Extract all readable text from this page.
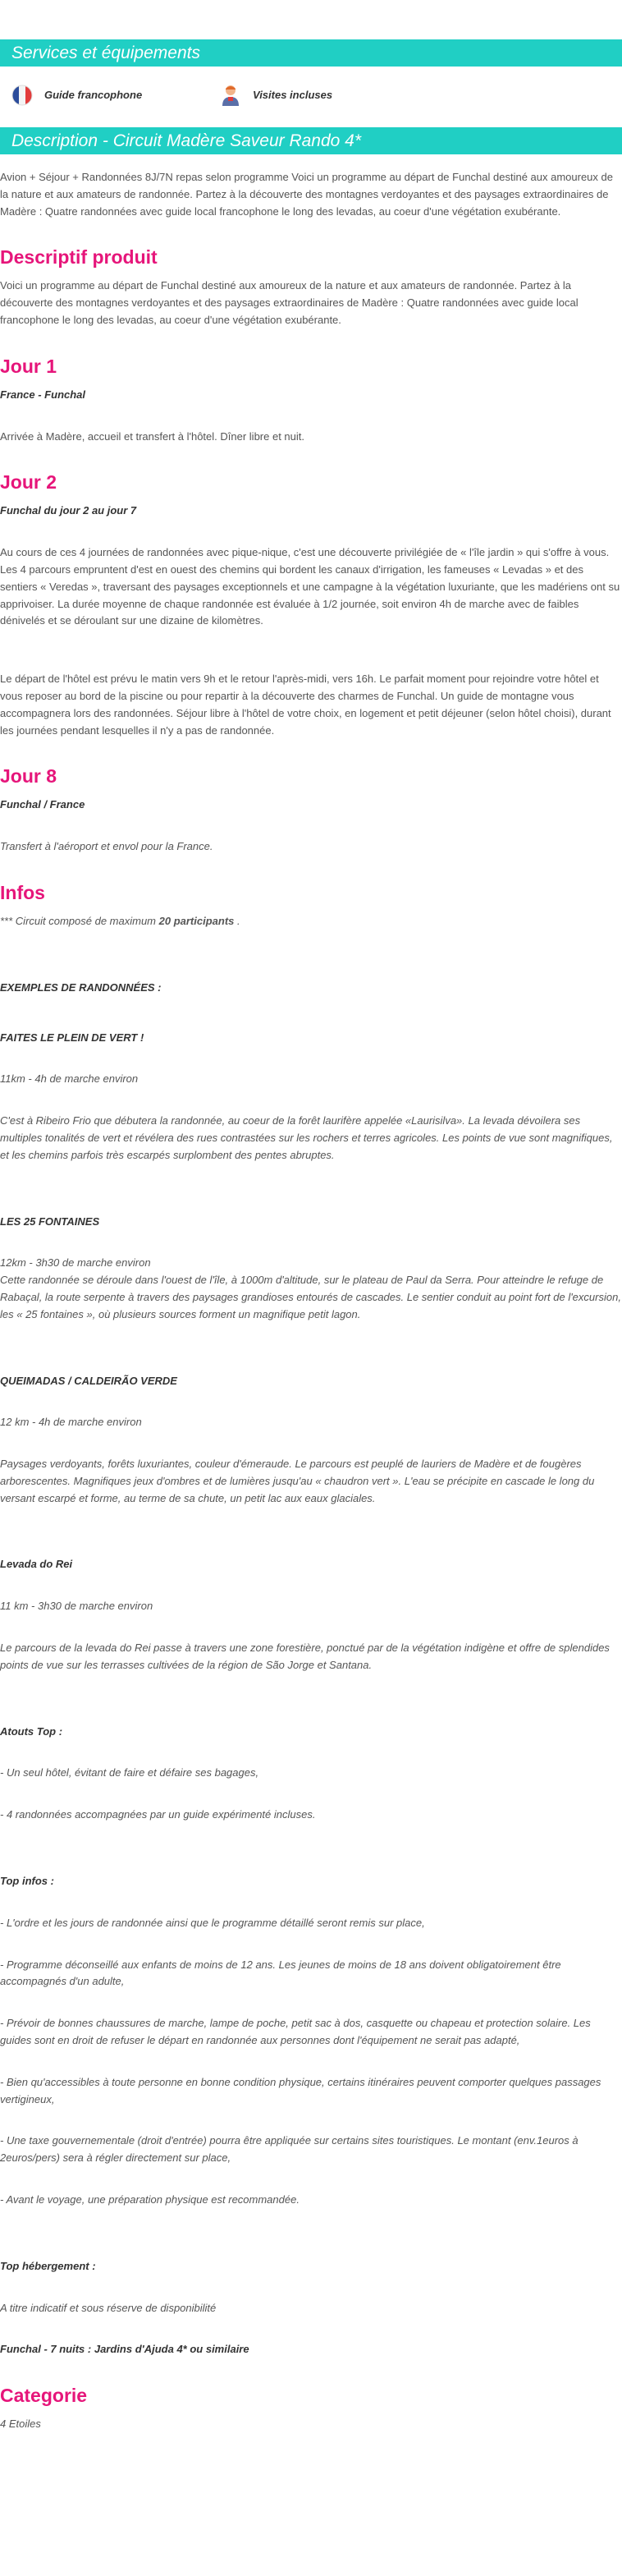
Services et équipements
Guide francophone	Visites incluses
Description - Circuit Madère Saveur Rando 4*

Avion + Séjour + Randonnées 8J/7N repas selon programme Voici un programme au départ de Funchal destiné aux amoureux de la nature et aux amateurs de randonnée. Partez à la découverte des montagnes verdoyantes et des paysages extraordinaires de Madère : Quatre randonnées avec guide local francophone le long des levadas, au coeur d'une végétation exubérante.

Descriptif produit

Voici un programme au départ de Funchal destiné aux amoureux de la nature et aux amateurs de randonnée. Partez à la découverte des montagnes verdoyantes et des paysages extraordinaires de Madère : Quatre randonnées avec guide local francophone le long des levadas, au coeur d'une végétation exubérante.

Jour 1

France - Funchal

Arrivée à Madère, accueil et transfert à l'hôtel. Dîner libre et nuit.

Jour 2

Funchal du jour 2 au jour 7

Au cours de ces 4 journées de randonnées avec pique-nique, c'est une découverte privilégiée de « l'île jardin » qui s'offre à vous. Les 4 parcours empruntent d'est en ouest des chemins qui bordent les canaux d'irrigation, les fameuses « Levadas » et des sentiers « Veredas », traversant des paysages exceptionnels et une campagne à la végétation luxuriante, que les madériens ont su apprivoiser. La durée moyenne de chaque randonnée est évaluée à 1/2 journée, soit environ 4h de marche avec de faibles dénivelés et se déroulant sur une dizaine de kilomètres.

Le départ de l'hôtel est prévu le matin vers 9h et le retour l'après-midi, vers 16h. Le parfait moment pour rejoindre votre hôtel et vous reposer au bord de la piscine ou pour repartir à la découverte des charmes de Funchal. Un guide de montagne vous accompagnera lors des randonnées. Séjour libre à l'hôtel de votre choix, en logement et petit déjeuner (selon hôtel choisi), durant les journées pendant lesquelles il n'y a pas de randonnée.

Jour 8

Funchal / France

Transfert à l'aéroport et envol pour la France.

Infos

*** Circuit composé de maximum 20 participants .

EXEMPLES DE RANDONNÉES :

FAITES LE PLEIN DE VERT !

11km - 4h de marche environ

C'est à Ribeiro Frio que débutera la randonnée, au coeur de la forêt laurifère appelée «Laurisilva». La levada dévoilera ses multiples tonalités de vert et révélera des rues contrastées sur les rochers et terres agricoles. Les points de vue sont magnifiques, et les chemins parfois très escarpés surplombent des pentes abruptes.

LES 25 FONTAINES

12km - 3h30 de marche environ

Cette randonnée se déroule dans l'ouest de l'île, à 1000m d'altitude, sur le plateau de Paul da Serra. Pour atteindre le refuge de Rabaçal, la route serpente à travers des paysages grandioses entourés de cascades. Le sentier conduit au point fort de l'excursion, les « 25 fontaines », où plusieurs sources forment un magnifique petit lagon.

QUEIMADAS / CALDEIRÃO VERDE

12 km - 4h de marche environ

Paysages verdoyants, forêts luxuriantes, couleur d'émeraude. Le parcours est peuplé de lauriers de Madère et de fougères arborescentes. Magnifiques jeux d'ombres et de lumières jusqu'au « chaudron vert ». L'eau se précipite en cascade le long du versant escarpé et forme, au terme de sa chute, un petit lac aux eaux glaciales.

Levada do Rei

11 km - 3h30 de marche environ

Le parcours de la levada do Rei passe à travers une zone forestière, ponctué par de la végétation indigène et offre de splendides points de vue sur les terrasses cultivées de la région de São Jorge et Santana.

Atouts Top :

- Un seul hôtel, évitant de faire et défaire ses bagages,

- 4 randonnées accompagnées par un guide expérimenté incluses.

Top infos :

- L'ordre et les jours de randonnée ainsi que le programme détaillé seront remis sur place,

- Programme déconseillé aux enfants de moins de 12 ans. Les jeunes de moins de 18 ans doivent obligatoirement être accompagnés d'un adulte,

- Prévoir de bonnes chaussures de marche, lampe de poche, petit sac à dos, casquette ou chapeau et protection solaire. Les guides sont en droit de refuser le départ en randonnée aux personnes dont l'équipement ne serait pas adapté,

- Bien qu'accessibles à toute personne en bonne condition physique, certains itinéraires peuvent comporter quelques passages vertigineux,

- Une taxe gouvernementale (droit d'entrée) pourra être appliquée sur certains sites touristiques. Le montant (env.1euros à 2euros/pers) sera à régler directement sur place,

- Avant le voyage, une préparation physique est recommandée.

Top hébergement :

A titre indicatif et sous réserve de disponibilité

Funchal - 7 nuits : Jardins d'Ajuda 4* ou similaire

Categorie

4 Etoiles
